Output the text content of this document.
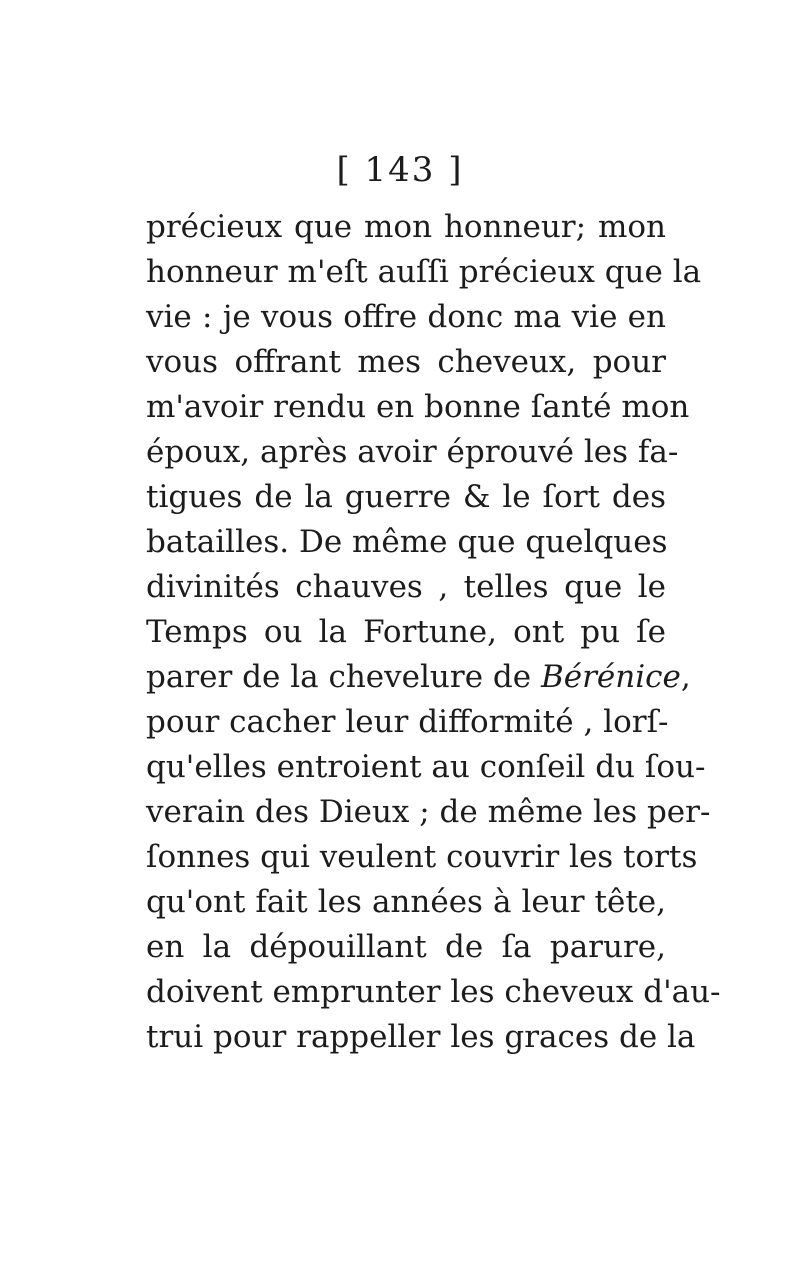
[ 143 ]
précieux que mon honneur; mon
honneur m'eſt auſſi précieux que la
vie : je vous offre donc ma vie en
vous offrant mes cheveux, pour
m'avoir rendu en bonne ſanté mon
époux, après avoir éprouvé les fa-
tigues de la guerre & le ſort des
batailles. De même que quelques
divinités chauves , telles que le
Temps ou la Fortune, ont pu ſe
parer de la chevelure de Bérénice,
pour cacher leur difformité , lorſ-
qu'elles entroient au conſeil du ſou-
verain des Dieux ; de même les per-
ſonnes qui veulent couvrir les torts
qu'ont fait les années à leur tête,
en la dépouillant de ſa parure,
doivent emprunter les cheveux d'au-
trui pour rappeller les graces de la
